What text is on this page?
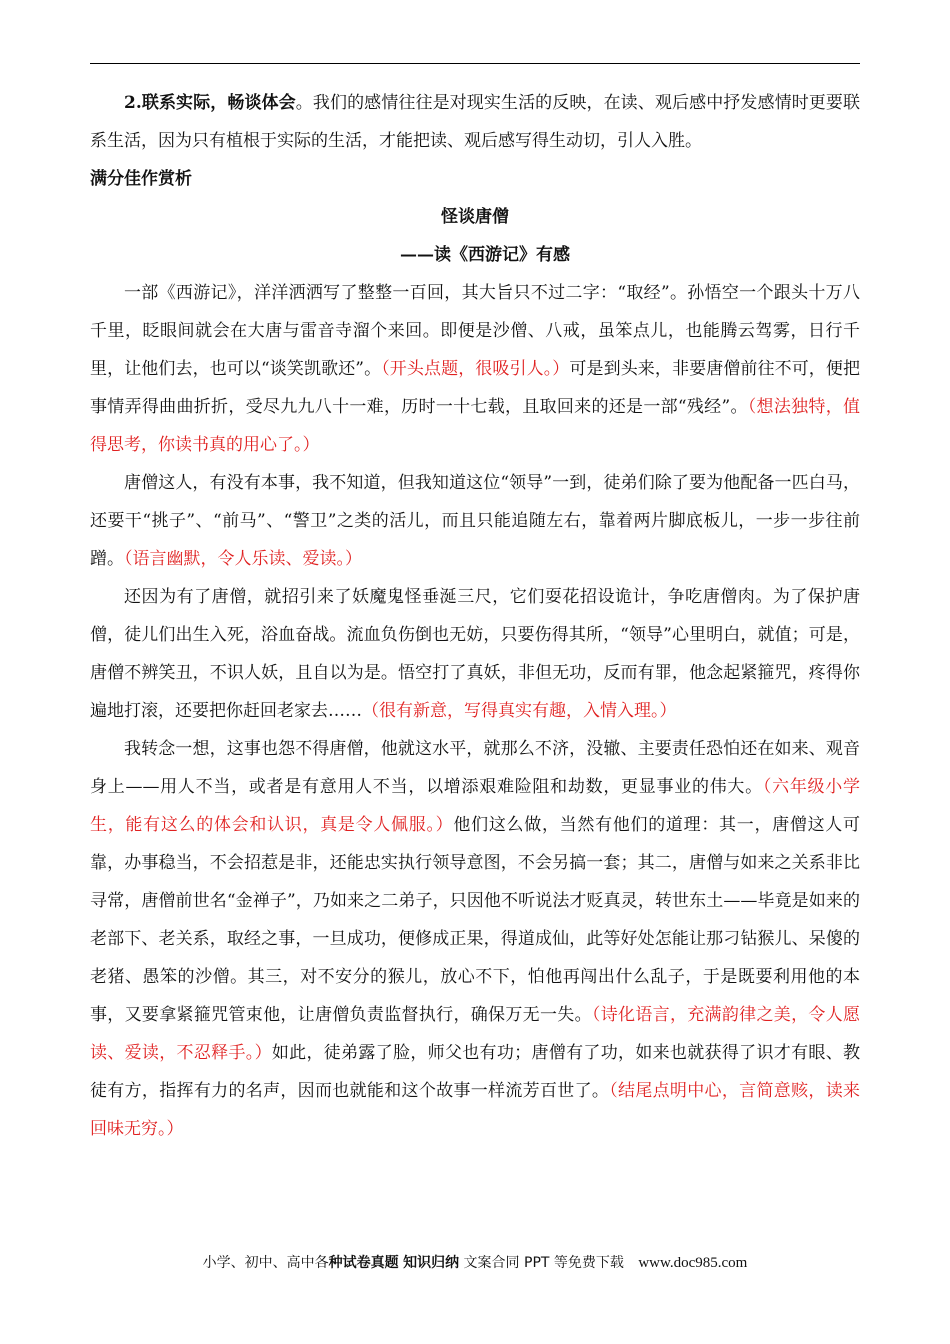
2.联系实际，畅谈体会。我们的感情往往是对现实生活的反映，在读、观后感中抒发感情时更要联系生活，因为只有植根于实际的生活，才能把读、观后感写得生动切，引人入胜。

满分佳作赏析

怪谈唐僧

——读《西游记》有感

一部《西游记》，洋洋洒洒写了整整一百回，其大旨只不过二字：“取经”。孙悟空一个跟头十万八千里，眨眼间就会在大唐与雷音寺溜个来回。即便是沙僧、八戒，虽笨点儿，也能腾云驾雾，日行千里，让他们去，也可以“谈笑凯歌还”。（开头点题，很吸引人。）可是到头来，非要唐僧前往不可，便把事情弄得曲曲折折，受尽九九八十一难，历时一十七载，且取回来的还是一部“残经”。（想法独特，值得思考，你读书真的用心了。）

唐僧这人，有没有本事，我不知道，但我知道这位“领导”一到，徒弟们除了要为他配备一匹白马，还要干“挑子”、“前马”、“警卫”之类的活儿，而且只能追随左右，靠着两片脚底板儿，一步一步往前蹭。（语言幽默，令人乐读、爱读。）

还因为有了唐僧，就招引来了妖魔鬼怪垂涎三尺，它们耍花招设诡计，争吃唐僧肉。为了保护唐僧，徒儿们出生入死，浴血奋战。流血负伤倒也无妨，只要伤得其所，“领导”心里明白，就值；可是，唐僧不辨笑丑，不识人妖，且自以为是。悟空打了真妖，非但无功，反而有罪，他念起紧箍咒，疼得你遍地打滚，还要把你赶回老家去……（很有新意，写得真实有趣，入情入理。）

我转念一想，这事也怨不得唐僧，他就这水平，就那么不济，没辙、主要责任恐怕还在如来、观音身上——用人不当，或者是有意用人不当，以增添艰难险阻和劫数，更显事业的伟大。（六年级小学生，能有这么的体会和认识，真是令人佩服。）他们这么做，当然有他们的道理：其一，唐僧这人可靠，办事稳当，不会招惹是非，还能忠实执行领导意图，不会另搞一套；其二，唐僧与如来之关系非比寻常，唐僧前世名“金禅子”，乃如来之二弟子，只因他不听说法才贬真灵，转世东土——毕竟是如来的老部下、老关系，取经之事，一旦成功，便修成正果，得道成仙，此等好处怎能让那刁钻猴儿、呆傻的老猪、愚笨的沙僧。其三，对不安分的猴儿，放心不下，怕他再闯出什么乱子，于是既要利用他的本事，又要拿紧箍咒管束他，让唐僧负责监督执行，确保万无一失。（诗化语言，充满韵律之美，令人愿读、爱读，不忍释手。）如此，徒弟露了脸，师父也有功；唐僧有了功，如来也就获得了识才有眼、教徒有方，指挥有力的名声，因而也就能和这个故事一样流芳百世了。（结尾点明中心，言简意赅，读来回味无穷。）

小学、初中、高中各种试卷真题 知识归纳 文案合同 PPT 等免费下载 www.doc985.com
